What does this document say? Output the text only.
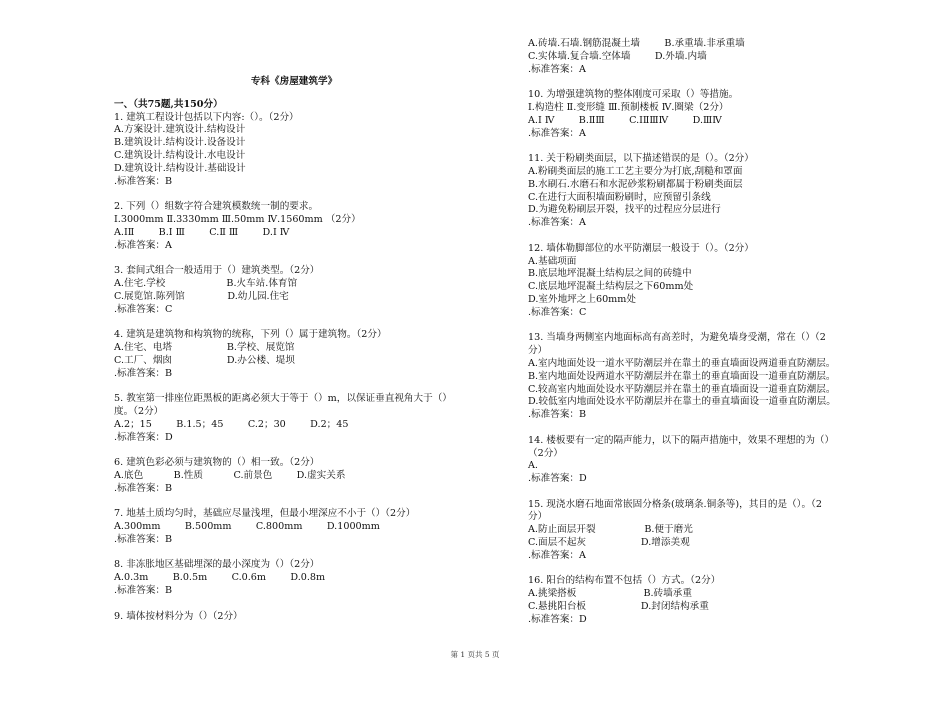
专科《房屋建筑学》
一、（共75题,共150分）
1. 建筑工程设计包括以下内容:（）。（2分）
A.方案设计.建筑设计.结构设计
B.建筑设计.结构设计.设备设计
C.建筑设计.结构设计.水电设计
D.建筑设计.结构设计.基础设计
.标准答案：B
2. 下列（）组数字符合建筑模数统一制的要求。
Ⅰ.3000mm Ⅱ.3330mm Ⅲ.50mm Ⅳ.1560mm （2分）
A.ⅠⅡ        B.Ⅰ Ⅲ        C.Ⅱ Ⅲ        D.Ⅰ Ⅳ
.标准答案：A
3. 套间式组合一般适用于（）建筑类型。（2分）
A.住宅.学校                    B.火车站.体育馆
C.展览馆.陈列馆              D.幼儿园.住宅
.标准答案：C
4. 建筑是建筑物和构筑物的统称，下列（）属于建筑物。（2分）
A.住宅、电塔                  B.学校、展览馆
C.工厂、烟囱                  D.办公楼、堤坝
.标准答案：B
5. 教室第一排座位距黑板的距离必须大于等于（）m，以保证垂直视角大于（）
度。（2分）
A.2；15        B.1.5；45        C.2；30        D.2；45
.标准答案：D
6. 建筑色彩必须与建筑物的（）相一致。（2分）
A.底色          B.性质          C.前景色        D.虚实关系
.标准答案：B
7. 地基土质均匀时，基础应尽量浅埋，但最小埋深应不小于（）（2分）
A.300mm        B.500mm        C.800mm        D.1000mm
.标准答案：B
8. 非冻胀地区基础埋深的最小深度为（）（2分）
A.0.3m        B.0.5m        C.0.6m        D.0.8m
.标准答案：B
9. 墙体按材料分为（）（2分）
A.砖墙.石墙.钢筋混凝土墙        B.承重墙.非承重墙
C.实体墙.复合墙.空体墙        D.外墙.内墙
.标准答案：A
10. 为增强建筑物的整体刚度可采取（）等措施。
Ⅰ.构造柱 Ⅱ.变形缝 Ⅲ.预制楼板 Ⅳ.圈梁（2分）
A.Ⅰ Ⅳ        B.ⅡⅢ        C.ⅠⅡⅢⅣ        D.ⅢⅣ
.标准答案：A
11. 关于粉刷类面层，以下描述错误的是（）。（2分）
A.粉刷类面层的施工工艺主要分为打底,刮糙和罩面
B.水刷石.水磨石和水泥砂浆粉刷都属于粉刷类面层
C.在进行大面积墙面粉刷时，应预留引条线
D.为避免粉刷层开裂，找平的过程应分层进行
.标准答案：A
12. 墙体勒脚部位的水平防潮层一般设于（）。（2分）
A.基础项面
B.底层地坪混凝土结构层之间的砖缝中
C.底层地坪混凝土结构层之下60mm处
D.室外地坪之上60mm处
.标准答案：C
13. 当墙身两侧室内地面标高有高差时，为避免墙身受潮，常在（）（2
分）
A.室内地面处设一道水平防潮层并在靠土的垂直墙面设两道垂直防潮层。
B.室内地面处设两道水平防潮层并在靠土的垂直墙面设一道垂直防潮层。
C.较高室内地面处设水平防潮层并在靠土的垂直墙面设一道垂直防潮层。
D.较低室内地面处设水平防潮层并在靠土的垂直墙面设一道垂直防潮层。
.标准答案：B
14. 楼板要有一定的隔声能力，以下的隔声措施中，效果不理想的为（）
（2分）
A.
.标准答案：D
15. 现浇水磨石地面常嵌固分格条(玻璃条.铜条等)，其目的是（）。（2
分）
A.防止面层开裂                B.便于磨光
C.面层不起灰                  D.增添美观
.标准答案：A
16. 阳台的结构布置不包括（）方式。（2分）
A.挑梁搭板                      B.砖墙承重
C.悬挑阳台板                  D.封闭结构承重
.标准答案：D
第 1 页共 5 页
